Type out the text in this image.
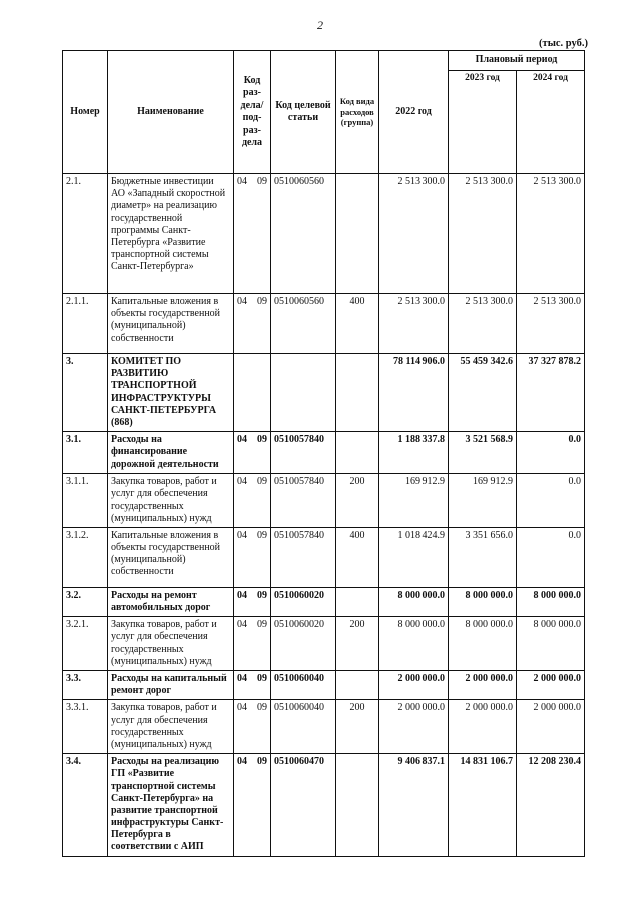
2
(тыс. руб.)
Номер	Наименование	Код раз-дела/ под-раз-дела	Код целевой статьи	Код вида расходов (группа)	2022 год	Плановый период	
						2023 год	2024 год
2.1.	Бюджетные инвестиции АО «Западный скоростной диаметр» на реализацию государственной программы Санкт-Петербурга «Развитие транспортной системы Санкт-Петербурга»	04 09	0510060560		2 513 300.0	2 513 300.0	2 513 300.0
2.1.1.	Капитальные вложения в объекты государственной (муниципальной) собственности	04 09	0510060560	400	2 513 300.0	2 513 300.0	2 513 300.0
3.	КОМИТЕТ ПО РАЗВИТИЮ ТРАНСПОРТНОЙ ИНФРАСТРУКТУРЫ САНКТ-ПЕТЕРБУРГА (868)				78 114 906.0	55 459 342.6	37 327 878.2
3.1.	Расходы на финансирование дорожной деятельности	04 09	0510057840		1 188 337.8	3 521 568.9	0.0
3.1.1.	Закупка товаров, работ и услуг для обеспечения государственных (муниципальных) нужд	04 09	0510057840	200	169 912.9	169 912.9	0.0
3.1.2.	Капитальные вложения в объекты государственной (муниципальной) собственности	04 09	0510057840	400	1 018 424.9	3 351 656.0	0.0
3.2.	Расходы на ремонт автомобильных дорог	04 09	0510060020		8 000 000.0	8 000 000.0	8 000 000.0
3.2.1.	Закупка товаров, работ и услуг для обеспечения государственных (муниципальных) нужд	04 09	0510060020	200	8 000 000.0	8 000 000.0	8 000 000.0
3.3.	Расходы на капитальный ремонт дорог	04 09	0510060040		2 000 000.0	2 000 000.0	2 000 000.0
3.3.1.	Закупка товаров, работ и услуг для обеспечения государственных (муниципальных) нужд	04 09	0510060040	200	2 000 000.0	2 000 000.0	2 000 000.0
3.4.	Расходы на реализацию ГП «Развитие транспортной системы Санкт-Петербурга» на развитие транспортной инфраструктуры Санкт-Петербурга в соответствии с АИП	04 09	0510060470		9 406 837.1	14 831 106.7	12 208 230.4
